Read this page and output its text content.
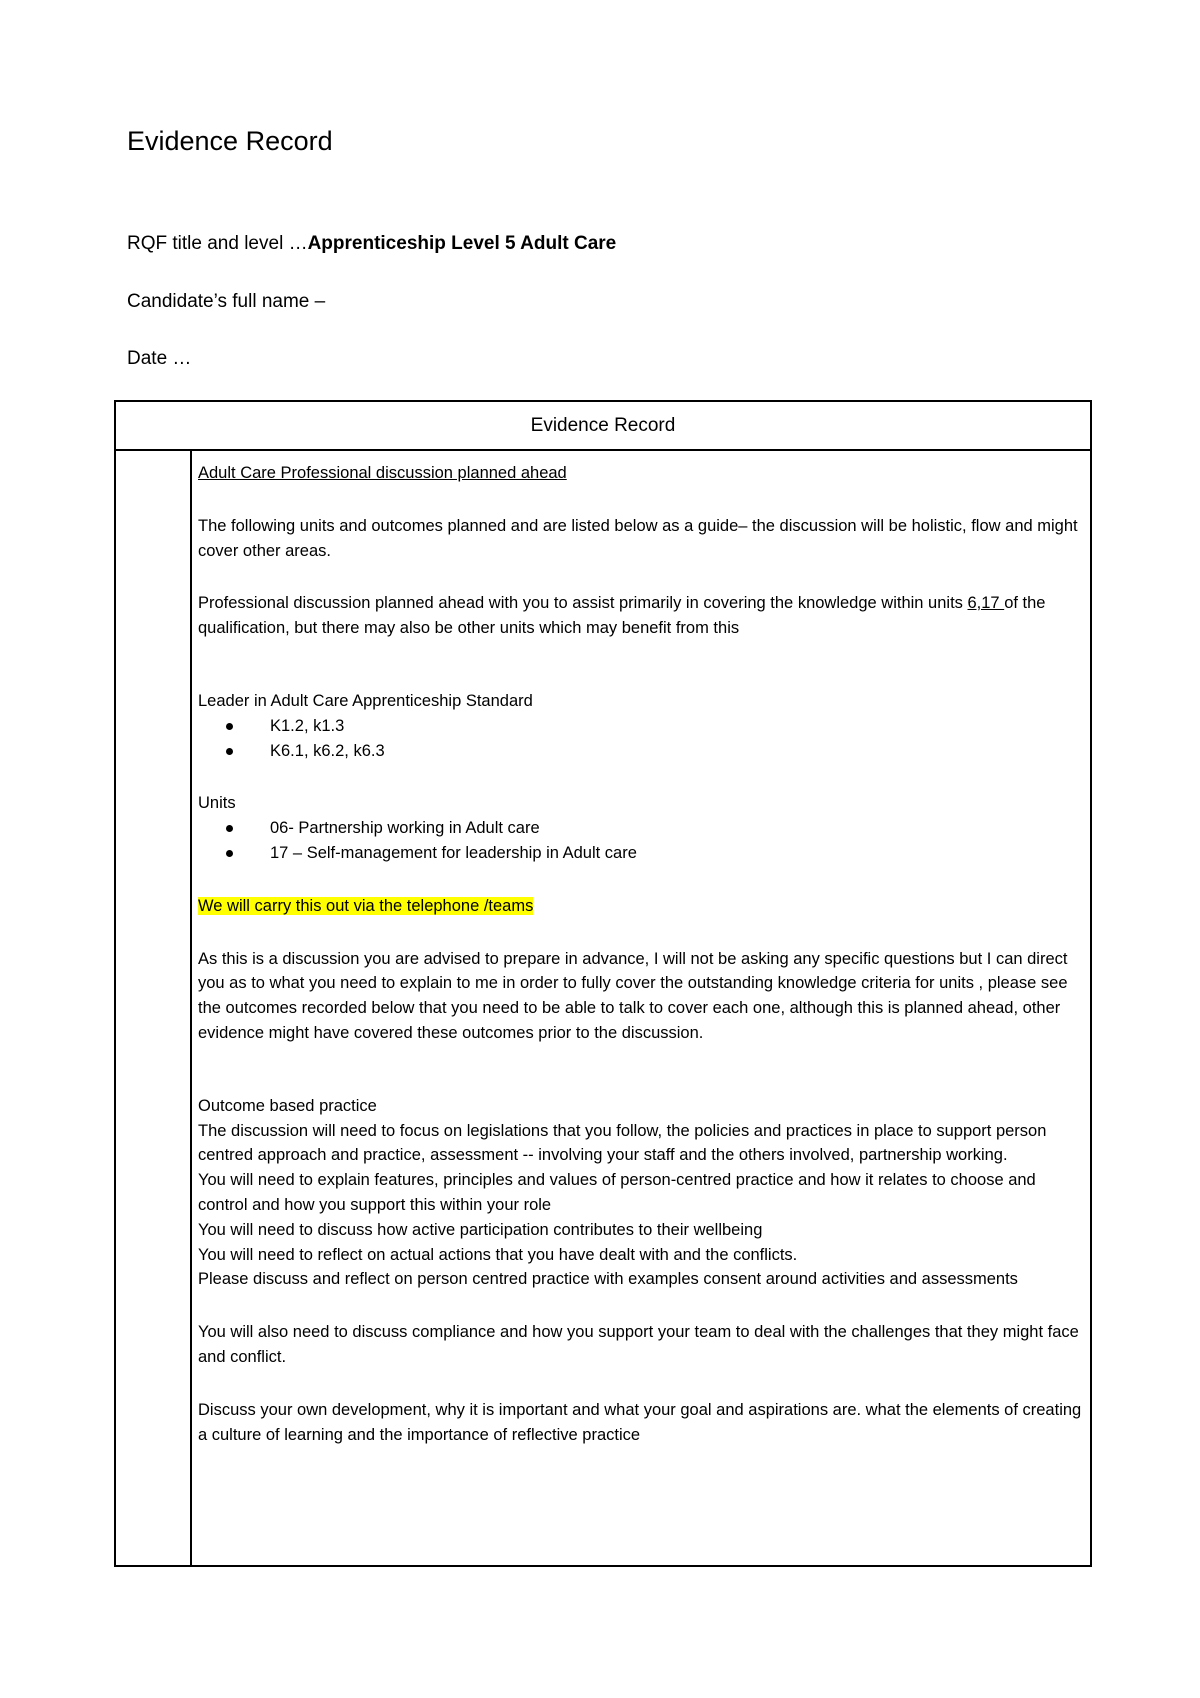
Evidence Record
RQF title and level …Apprenticeship Level 5 Adult Care
Candidate’s full name –
Date …
Evidence Record

Adult Care Professional discussion planned ahead

The following units and outcomes planned and are listed below as a guide– the discussion will be holistic, flow and might cover other areas.

Professional discussion planned ahead with you to assist primarily in covering the knowledge within units 6,17 of the qualification, but there may also be other units which may benefit from this

Leader in Adult Care Apprenticeship Standard

K1.2, k1.3
K6.1, k6.2, k6.3

Units

06- Partnership working in Adult care
17 – Self-management for leadership in Adult care

We will carry this out via the telephone /teams

As this is a discussion you are advised to prepare in advance, I will not be asking any specific questions but I can direct you as to what you need to explain to me in order to fully cover the outstanding knowledge criteria for units , please see the outcomes recorded below that you need to be able to talk to cover each one, although this is planned ahead, other evidence might have covered these outcomes prior to the discussion.

Outcome based practice

The discussion will need to focus on legislations that you follow, the policies and practices in place to support person centred approach and practice, assessment -- involving your staff and the others involved, partnership working.

You will need to explain features, principles and values of person-centred practice and how it relates to choose and control and how you support this within your role

You will need to discuss how active participation contributes to their wellbeing

You will need to reflect on actual actions that you have dealt with and the conflicts.

Please discuss and reflect on person centred practice with examples consent around activities and assessments

You will also need to discuss compliance and how you support your team to deal with the challenges that they might face and conflict.

Discuss your own development, why it is important and what your goal and aspirations are. what the elements of creating a culture of learning and the importance of reflective practice
